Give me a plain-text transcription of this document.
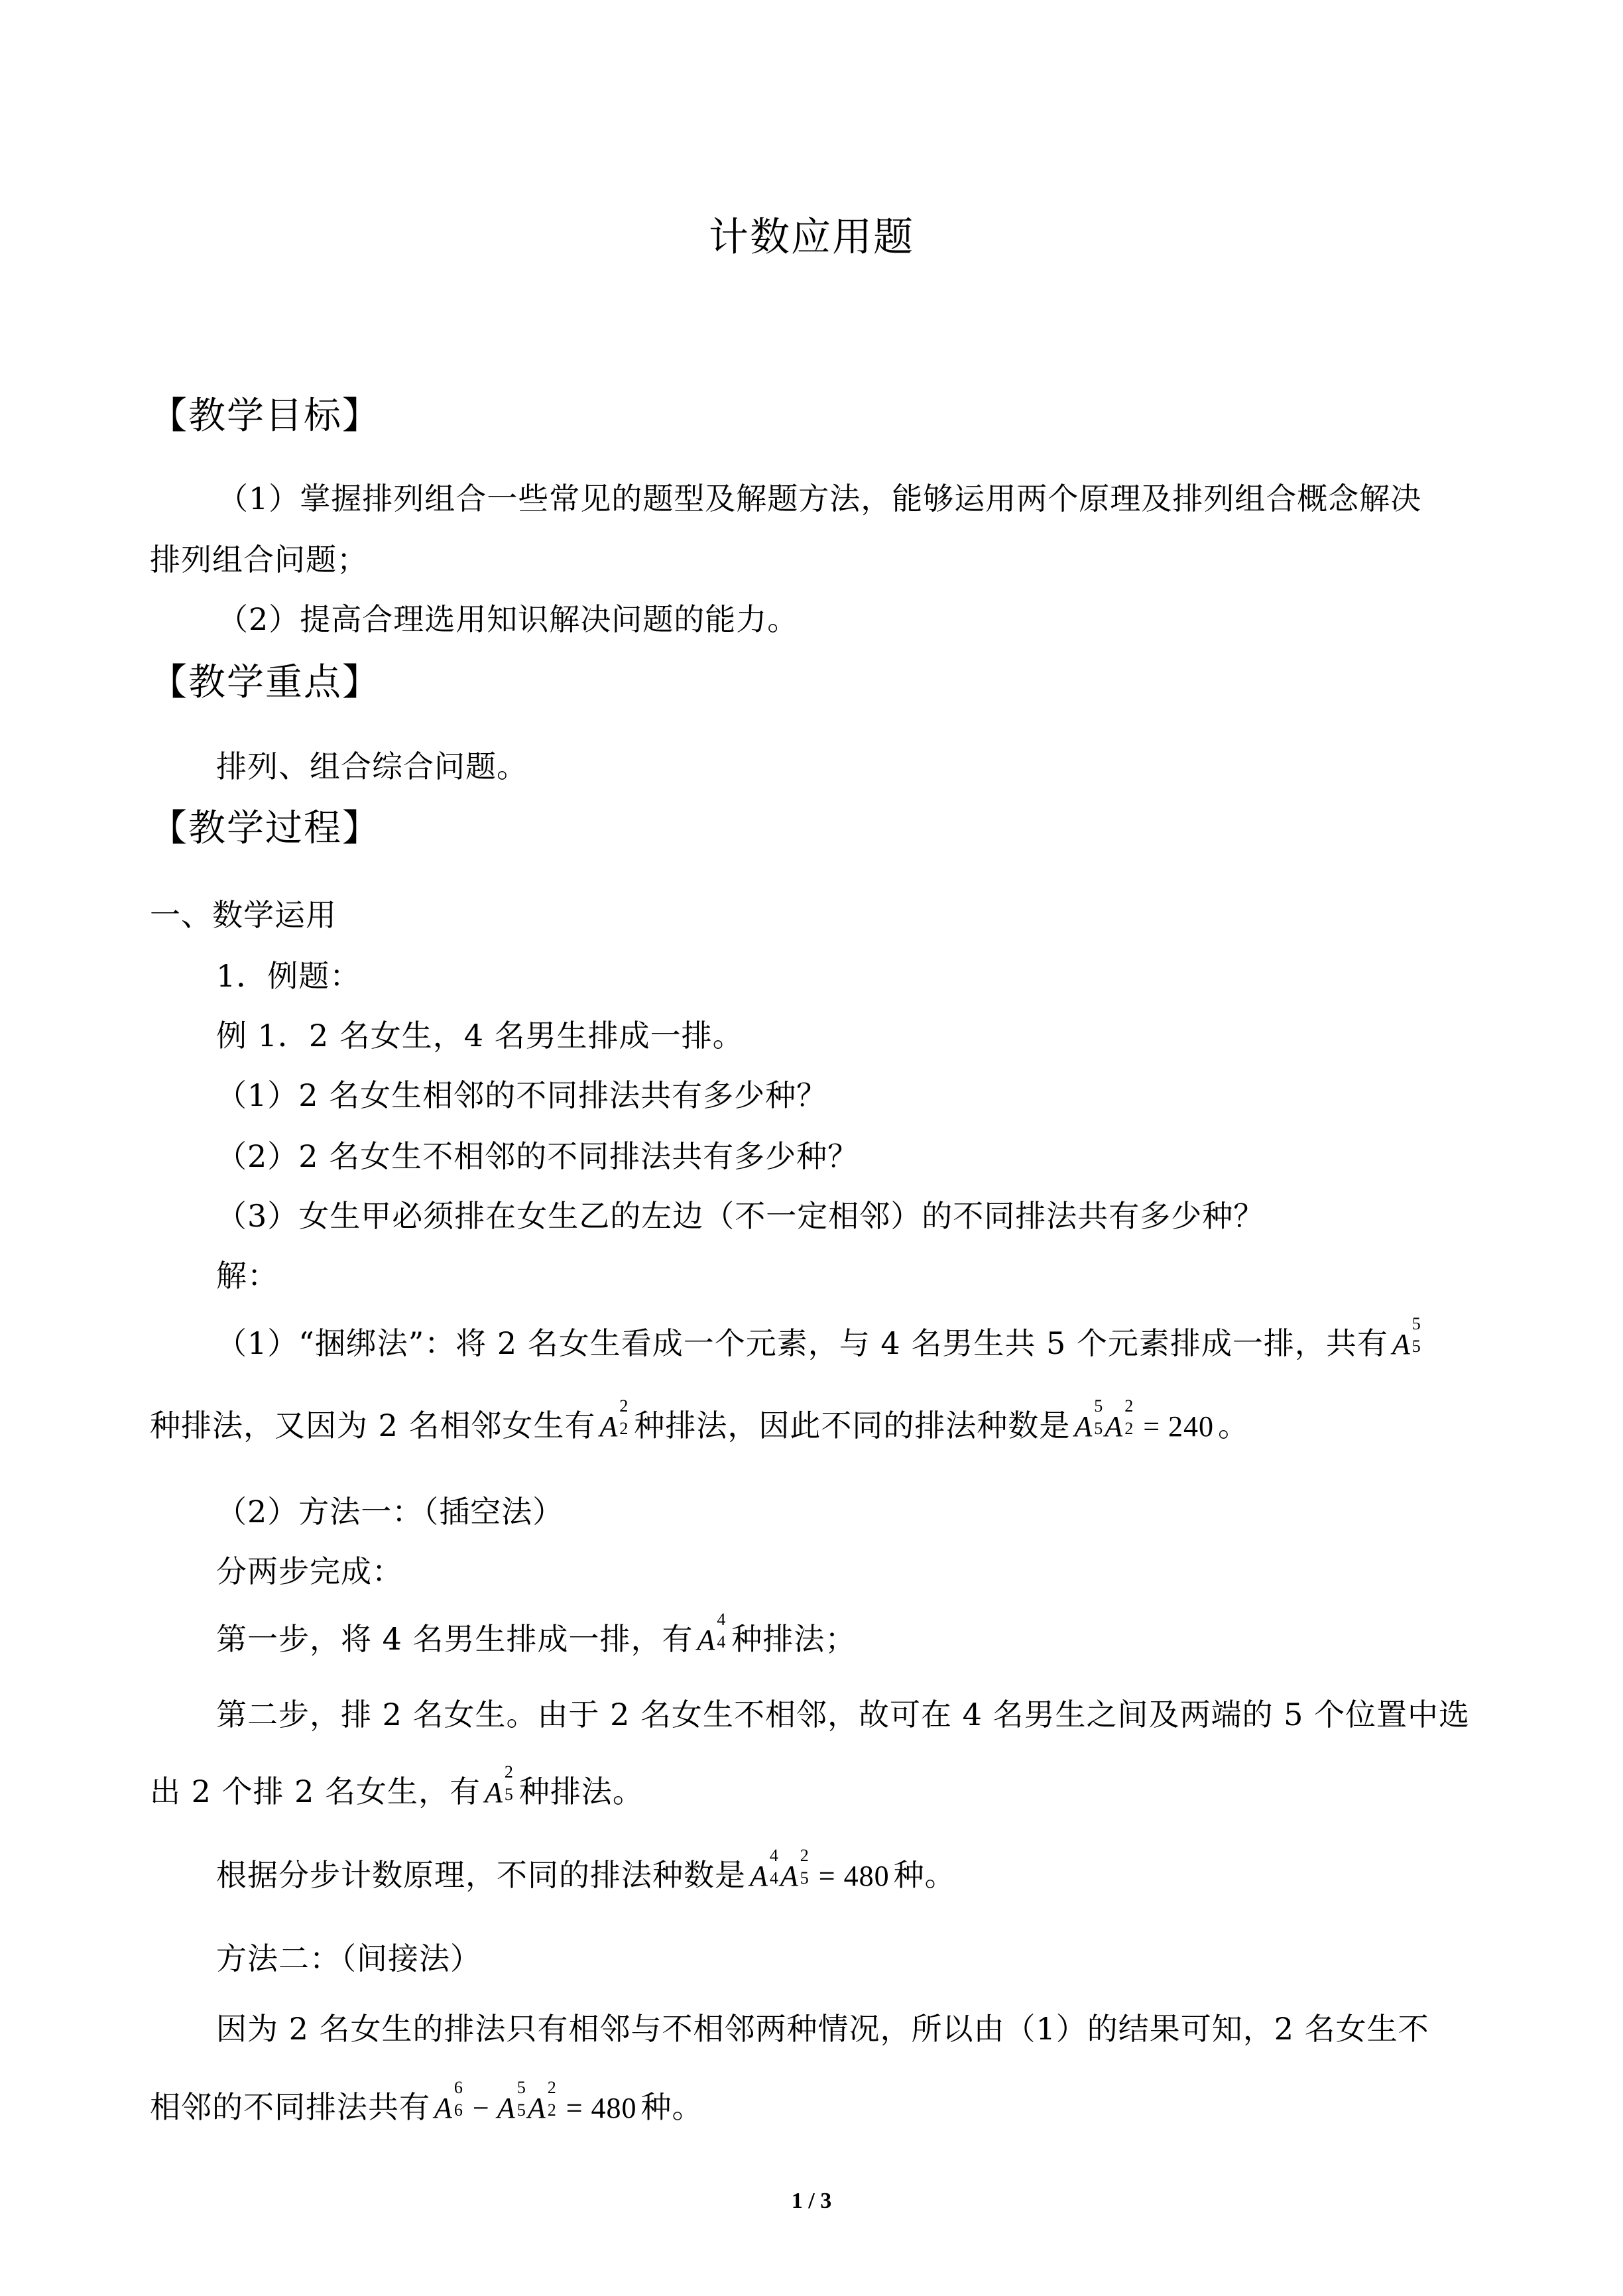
计数应用题
【教学目标】
（1）掌握排列组合一些常见的题型及解题方法，能够运用两个原理及排列组合概念解决
排列组合问题；
（2）提高合理选用知识解决问题的能力。
【教学重点】
排列、组合综合问题。
【教学过程】
一、数学运用
1．例题：
例 1．2 名女生，4 名男生排成一排。
（1）2 名女生相邻的不同排法共有多少种？
（2）2 名女生不相邻的不同排法共有多少种？
（3）女生甲必须排在女生乙的左边（不一定相邻）的不同排法共有多少种？
解：
（1）“捆绑法”：将 2 名女生看成一个元素，与 4 名男生共 5 个元素排成一排，共有 A
5
5
种排法，又因为 2 名相邻女生有 A
2
2 种排法，因此不同的排法种数是 A
5
5 A
2
2 = 240 。
（2）方法一：（插空法）
分两步完成：
第一步，将 4 名男生排成一排，有 A
4
4 种排法；
第二步，排 2 名女生。由于 2 名女生不相邻，故可在 4 名男生之间及两端的 5 个位置中选
出 2 个排 2 名女生，有 A
2
5 种排法。
根据分步计数原理，不同的排法种数是 A
4
4 A
2
5 = 480 种。
方法二：（间接法）
因为 2 名女生的排法只有相邻与不相邻两种情况，所以由（1）的结果可知，2 名女生不
相邻的不同排法共有 A
6
6 − A
5
5 A
2
2 = 480 种。
1 / 3
